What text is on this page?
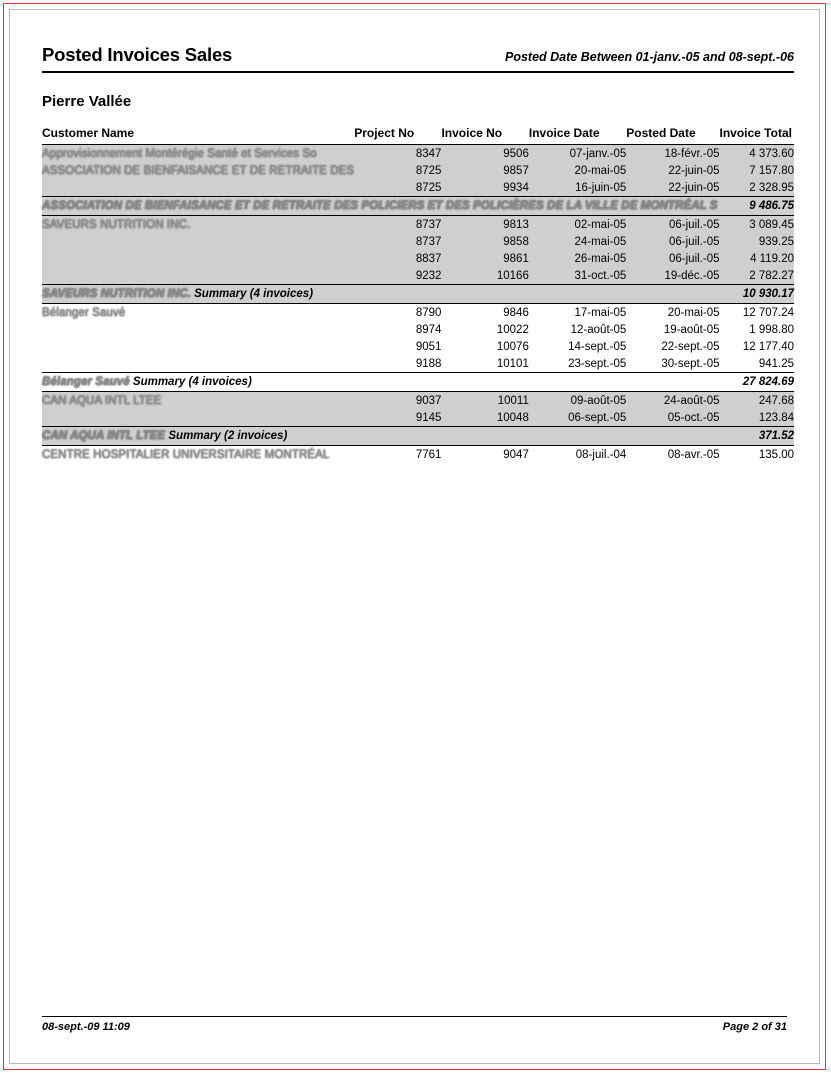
Posted Invoices Sales	Posted Date Between 01-janv.-05 and 08-sept.-06
Pierre Vallée
Customer Name	Project No	Invoice No	Invoice Date	Posted Date	Invoice Total
Approvisionnement Montérégie Santé et Services So	8347	9506	07-janv.-05	18-févr.-05	4 373.60
ASSOCIATION DE BIENFAISANCE ET DE RETRAITE DES	8725	9857	20-mai-05	22-juin-05	7 157.80
	8725	9934	16-juin-05	22-juin-05	2 328.95
ASSOCIATION DE BIENFAISANCE ET DE RETRAITE DES POLICIERS ET DES POLICIÈRES DE LA VILLE DE MONTRÉAL S					9 486.75
SAVEURS NUTRITION INC.	8737	9813	02-mai-05	06-juil.-05	3 089.45
	8737	9858	24-mai-05	06-juil.-05	939.25
	8837	9861	26-mai-05	06-juil.-05	4 119.20
	9232	10166	31-oct.-05	19-déc.-05	2 782.27
SAVEURS NUTRITION INC. Summary (4 invoices)					10 930.17
Bélanger Sauvé	8790	9846	17-mai-05	20-mai-05	12 707.24
	8974	10022	12-août-05	19-août-05	1 998.80
	9051	10076	14-sept.-05	22-sept.-05	12 177.40
	9188	10101	23-sept.-05	30-sept.-05	941.25
Bélanger Sauvé Summary (4 invoices)					27 824.69
CAN AQUA INTL LTEE	9037	10011	09-août-05	24-août-05	247.68
	9145	10048	06-sept.-05	05-oct.-05	123.84
CAN AQUA INTL LTEE Summary (2 invoices)					371.52
CENTRE HOSPITALIER UNIVERSITAIRE MONTRÉAL	7761	9047	08-juil.-04	08-avr.-05	135.00
08-sept.-09 11:09	Page 2 of 31
